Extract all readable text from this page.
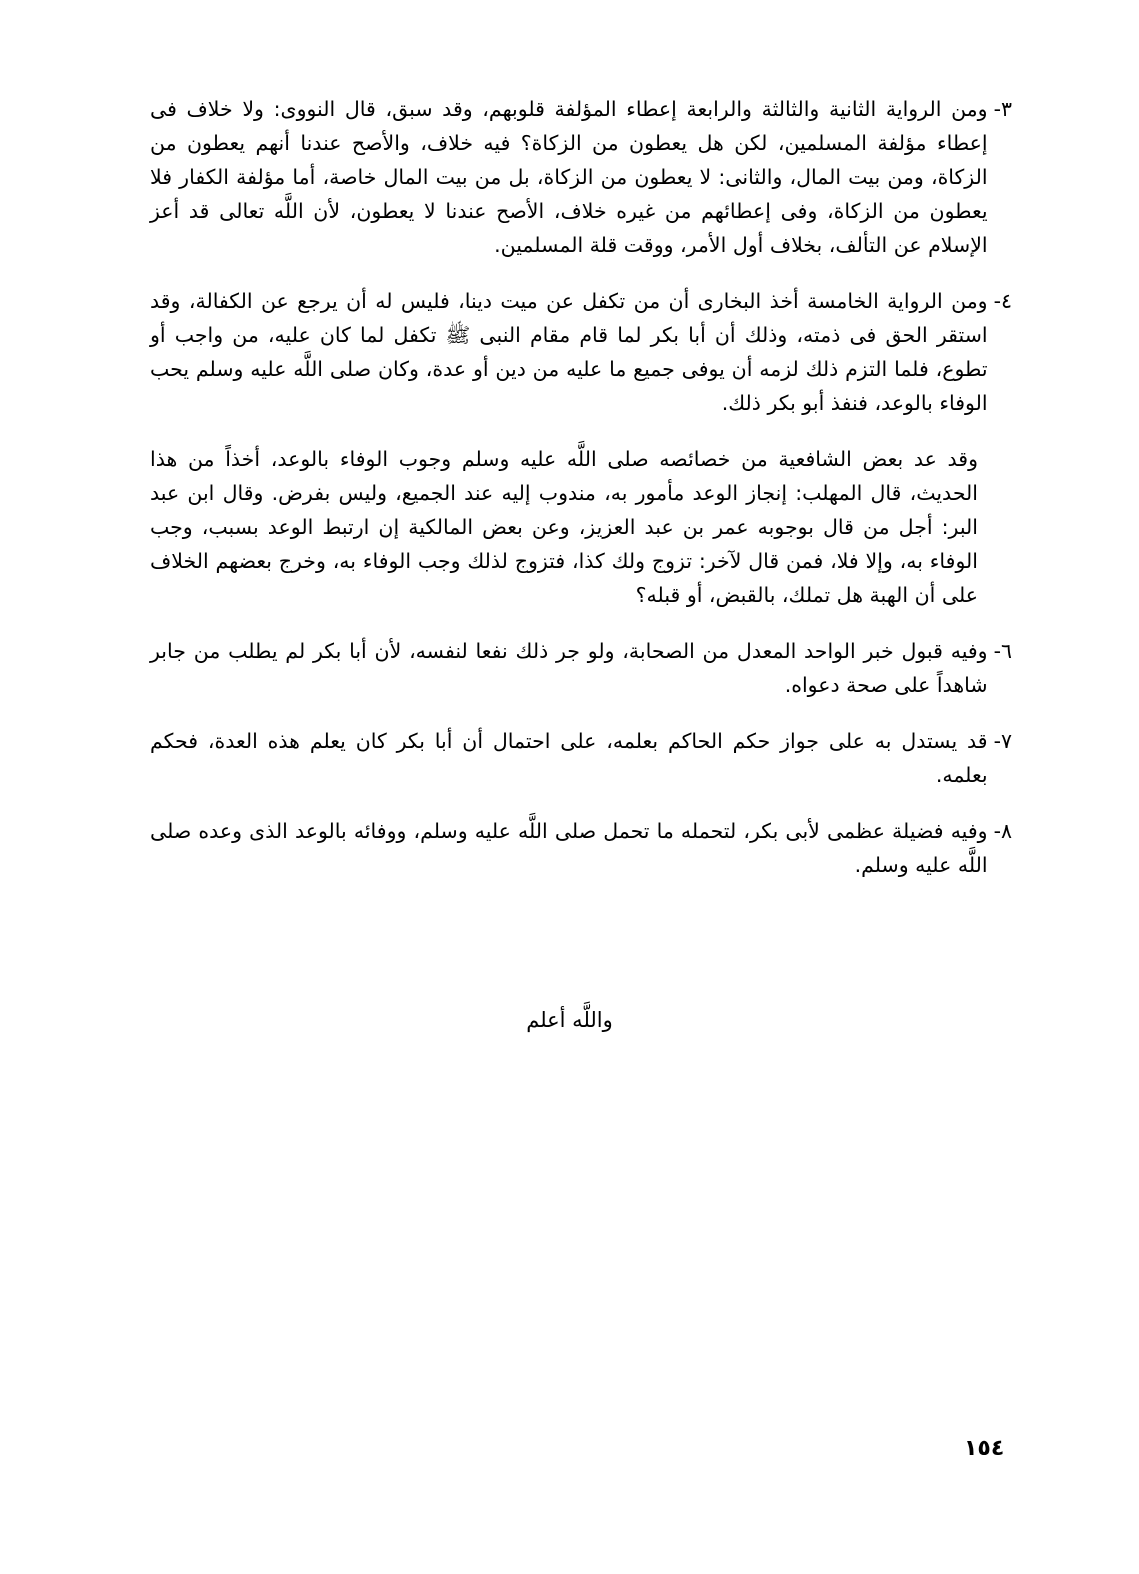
٣-
ومن الرواية الثانية والثالثة والرابعة إعطاء المؤلفة قلوبهم، وقد سبق، قال النووى: ولا خلاف فى إعطاء مؤلفة المسلمين، لكن هل يعطون من الزكاة؟ فيه خلاف، والأصح عندنا أنهم يعطون من الزكاة، ومن بيت المال، والثانى: لا يعطون من الزكاة، بل من بيت المال خاصة، أما مؤلفة الكفار فلا يعطون من الزكاة، وفى إعطائهم من غيره خلاف، الأصح عندنا لا يعطون، لأن اللَّه تعالى قد أعز الإسلام عن التألف، بخلاف أول الأمر، ووقت قلة المسلمين.
٤-
ومن الرواية الخامسة أخذ البخارى أن من تكفل عن ميت دينا، فليس له أن يرجع عن الكفالة، وقد استقر الحق فى ذمته، وذلك أن أبا بكر لما قام مقام النبى ﷺ تكفل لما كان عليه، من واجب أو تطوع، فلما التزم ذلك لزمه أن يوفى جميع ما عليه من دين أو عدة، وكان صلى اللَّه عليه وسلم يحب الوفاء بالوعد، فنفذ أبو بكر ذلك.

وقد عد بعض الشافعية من خصائصه صلى اللَّه عليه وسلم وجوب الوفاء بالوعد، أخذاً من هذا الحديث، قال المهلب: إنجاز الوعد مأمور به، مندوب إليه عند الجميع، وليس بفرض. وقال ابن عبد البر: أجل من قال بوجوبه عمر بن عبد العزيز، وعن بعض المالكية إن ارتبط الوعد بسبب، وجب الوفاء به، وإلا فلا، فمن قال لآخر: تزوج ولك كذا، فتزوج لذلك وجب الوفاء به، وخرج بعضهم الخلاف على أن الهبة هل تملك، بالقبض، أو قبله؟

٦-
وفيه قبول خبر الواحد المعدل من الصحابة، ولو جر ذلك نفعا لنفسه، لأن أبا بكر لم يطلب من جابر شاهداً على صحة دعواه.
٧-
قد يستدل به على جواز حكم الحاكم بعلمه، على احتمال أن أبا بكر كان يعلم هذه العدة، فحكم بعلمه.
٨-
وفيه فضيلة عظمى لأبى بكر، لتحمله ما تحمل صلى اللَّه عليه وسلم، ووفائه بالوعد الذى وعده صلى اللَّه عليه وسلم.
واللَّه أعلم
١٥٤
